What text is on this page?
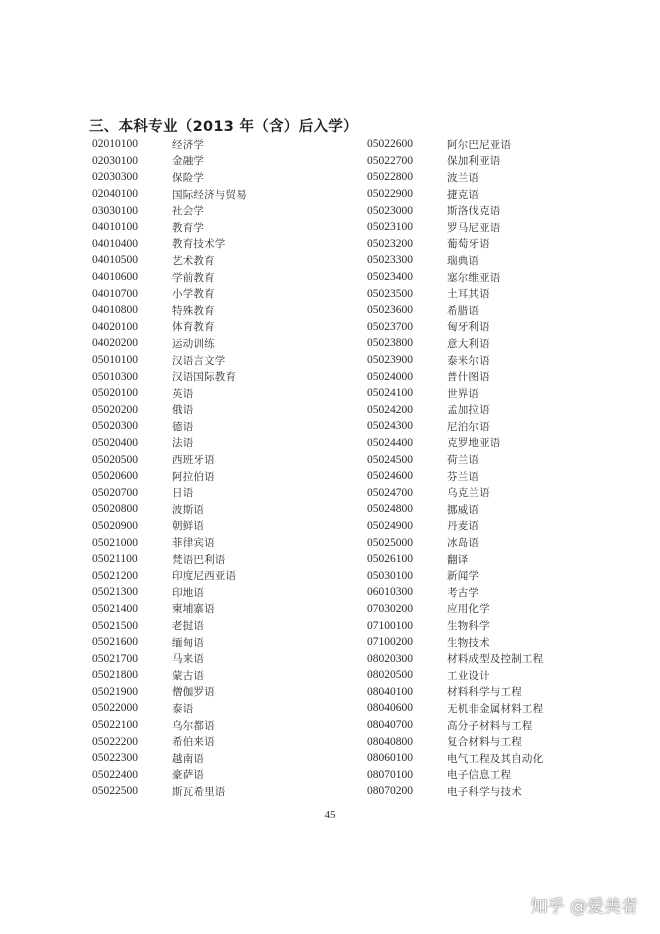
三、本科专业（2013 年（含）后入学）
02010100	经济学
02030100	金融学
02030300	保险学
02040100	国际经济与贸易
03030100	社会学
04010100	教育学
04010400	教育技术学
04010500	艺术教育
04010600	学前教育
04010700	小学教育
04010800	特殊教育
04020100	体育教育
04020200	运动训练
05010100	汉语言文学
05010300	汉语国际教育
05020100	英语
05020200	俄语
05020300	德语
05020400	法语
05020500	西班牙语
05020600	阿拉伯语
05020700	日语
05020800	波斯语
05020900	朝鲜语
05021000	菲律宾语
05021100	梵语巴利语
05021200	印度尼西亚语
05021300	印地语
05021400	柬埔寨语
05021500	老挝语
05021600	缅甸语
05021700	马来语
05021800	蒙古语
05021900	僧伽罗语
05022000	泰语
05022100	乌尔都语
05022200	希伯来语
05022300	越南语
05022400	豪萨语
05022500	斯瓦希里语
05022600	阿尔巴尼亚语
05022700	保加利亚语
05022800	波兰语
05022900	捷克语
05023000	斯洛伐克语
05023100	罗马尼亚语
05023200	葡萄牙语
05023300	瑞典语
05023400	塞尔维亚语
05023500	土耳其语
05023600	希腊语
05023700	匈牙利语
05023800	意大利语
05023900	泰米尔语
05024000	普什图语
05024100	世界语
05024200	孟加拉语
05024300	尼泊尔语
05024400	克罗地亚语
05024500	荷兰语
05024600	芬兰语
05024700	乌克兰语
05024800	挪威语
05024900	丹麦语
05025000	冰岛语
05026100	翻译
05030100	新闻学
06010300	考古学
07030200	应用化学
07100100	生物科学
07100200	生物技术
08020300	材料成型及控制工程
08020500	工业设计
08040100	材料科学与工程
08040600	无机非金属材料工程
08040700	高分子材料与工程
08040800	复合材料与工程
08060100	电气工程及其自动化
08070100	电子信息工程
08070200	电子科学与技术
45
知乎 @爱美者
